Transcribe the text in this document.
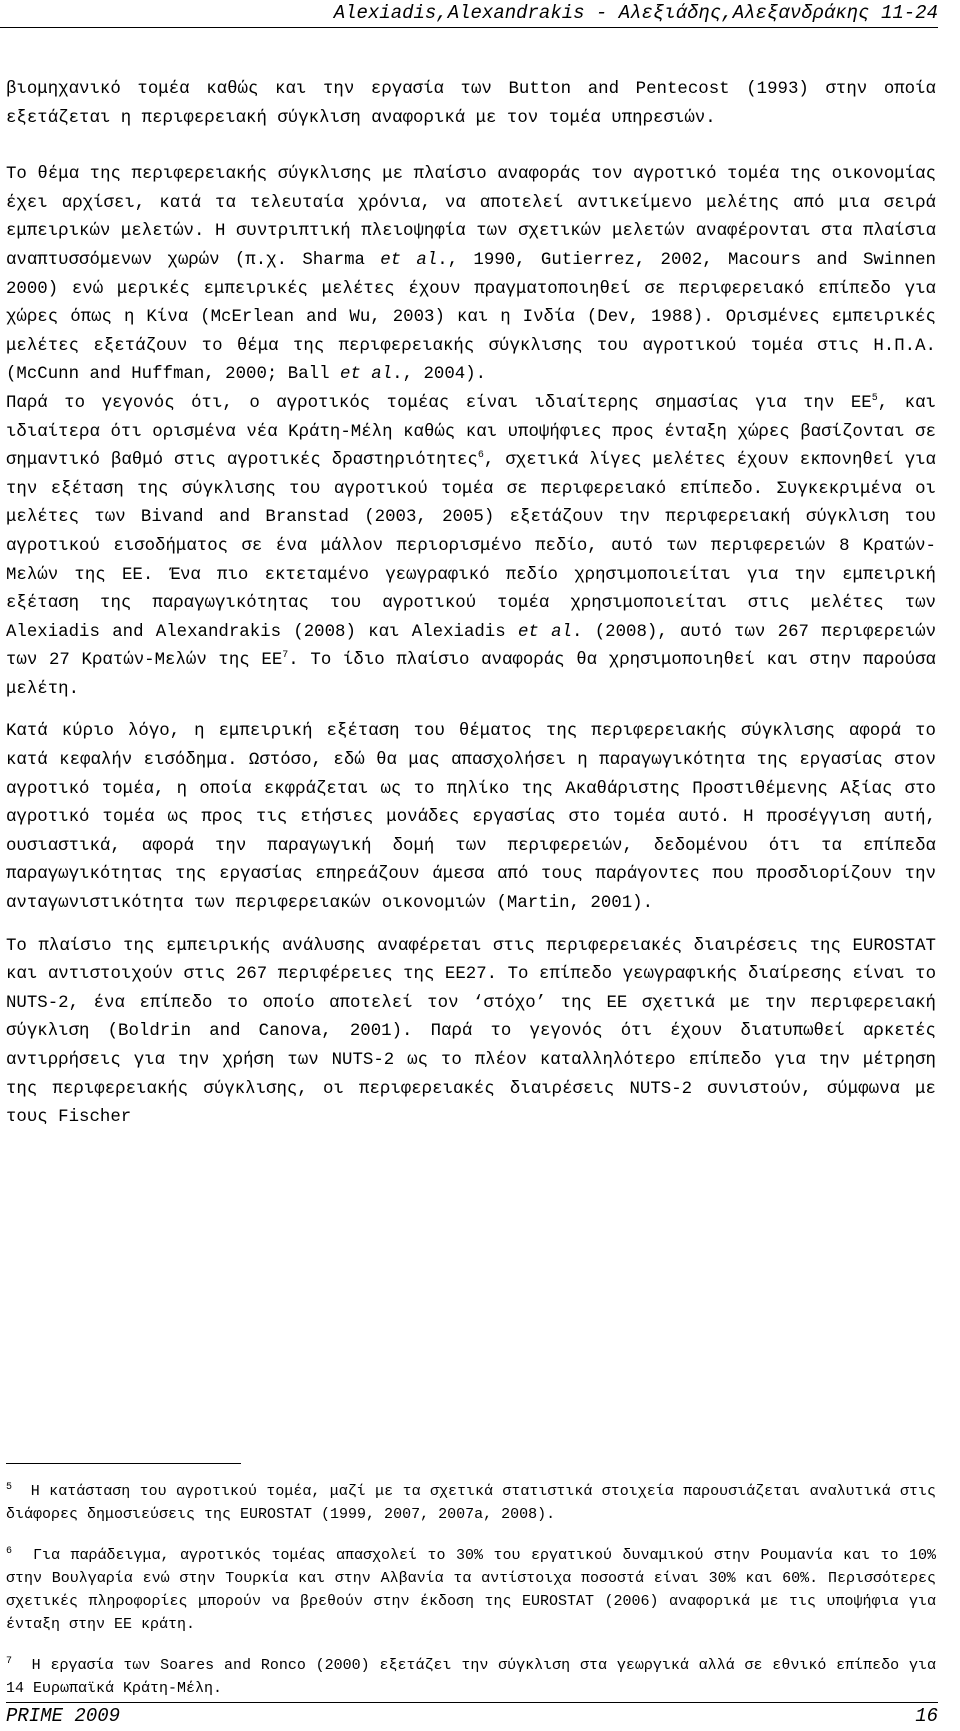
Alexiadis,Alexandrakis - Αλεξιάδης,Αλεξανδράκης 11-24

βιομηχανικό τομέα καθώς και την εργασία των Button and Pentecost (1993) στην οποία εξετάζεται η περιφερειακή σύγκλιση αναφορικά με τον τομέα υπηρεσιών.

Το θέμα της περιφερειακής σύγκλισης με πλαίσιο αναφοράς τον αγροτικό τομέα της οικονομίας έχει αρχίσει, κατά τα τελευταία χρόνια, να αποτελεί αντικείμενο μελέτης από μια σειρά εμπειρικών μελετών. Η συντριπτική πλειοψηφία των σχετικών μελετών αναφέρονται στα πλαίσια αναπτυσσόμενων χωρών (π.χ. Sharma et al., 1990, Gutierrez, 2002, Macours and Swinnen 2000) ενώ μερικές εμπειρικές μελέτες έχουν πραγματοποιηθεί σε περιφερειακό επίπεδο για χώρες όπως η Κίνα (McErlean and Wu, 2003) και η Ινδία (Dev, 1988). Ορισμένες εμπειρικές μελέτες εξετάζουν το θέμα της περιφερειακής σύγκλισης του αγροτικού τομέα στις Η.Π.Α. (McCunn and Huffman, 2000; Ball et al., 2004).

Παρά το γεγονός ότι, ο αγροτικός τομέας είναι ιδιαίτερης σημασίας για την $EE^5$, και ιδιαίτερα ότι ορισμένα νέα Κράτη-Μέλη καθώς και υποψήφιες προς ένταξη χώρες βασίζονται σε σημαντικό βαθμό στις αγροτικές δραστηριότητες$^6$, σχετικά λίγες μελέτες έχουν εκπονηθεί για την εξέταση της σύγκλισης του αγροτικού τομέα σε περιφερειακό επίπεδο. Συγκεκριμένα οι μελέτες των Bivand and Branstad (2003, 2005) εξετάζουν την περιφερειακή σύγκλιση του αγροτικού εισοδήματος σε ένα μάλλον περιορισμένο πεδίο, αυτό των περιφερειών 8 Κρατών-Μελών της ΕΕ. Ένα πιο εκτεταμένο γεωγραφικό πεδίο χρησιμοποιείται για την εμπειρική εξέταση της παραγωγικότητας του αγροτικού τομέα χρησιμοποιείται στις μελέτες των Alexiadis and Alexandrakis (2008) και Alexiadis et al. (2008), αυτό των 267 περιφερειών των 27 Κρατών-Μελών της $EE^7$. Το ίδιο πλαίσιο αναφοράς θα χρησιμοποιηθεί και στην παρούσα μελέτη.

Κατά κύριο λόγο, η εμπειρική εξέταση του θέματος της περιφερειακής σύγκλισης αφορά το κατά κεφαλήν εισόδημα. Ωστόσο, εδώ θα μας απασχολήσει η παραγωγικότητα της εργασίας στον αγροτικό τομέα, η οποία εκφράζεται ως το πηλίκο της Ακαθάριστης Προστιθέμενης Αξίας στο αγροτικό τομέα ως προς τις ετήσιες μονάδες εργασίας στο τομέα αυτό. Η προσέγγιση αυτή, ουσιαστικά, αφορά την παραγωγική δομή των περιφερειών, δεδομένου ότι τα επίπεδα παραγωγικότητας της εργασίας επηρεάζουν άμεσα από τους παράγοντες που προσδιορίζουν την ανταγωνιστικότητα των περιφερειακών οικονομιών (Martin, 2001).

Το πλαίσιο της εμπειρικής ανάλυσης αναφέρεται στις περιφερειακές διαιρέσεις της EUROSTAT και αντιστοιχούν στις 267 περιφέρειες της ΕΕ27. Το επίπεδο γεωγραφικής διαίρεσης είναι το NUTS-2, ένα επίπεδο το οποίο αποτελεί τον ‘στόχο’ της ΕΕ σχετικά με την περιφερειακή σύγκλιση (Boldrin and Canova, 2001). Παρά το γεγονός ότι έχουν διατυπωθεί αρκετές αντιρρήσεις για την χρήση των NUTS-2 ως το πλέον καταλληλότερο επίπεδο για την μέτρηση της περιφερειακής σύγκλισης, οι περιφερειακές διαιρέσεις NUTS-2 συνιστούν, σύμφωνα με τους Fischer

$^5$ Η κατάσταση του αγροτικού τομέα, μαζί με τα σχετικά στατιστικά στοιχεία παρουσιάζεται αναλυτικά στις διάφορες δημοσιεύσεις της EUROSTAT (1999, 2007, 2007a, 2008).

$^6$ Για παράδειγμα, αγροτικός τομέας απασχολεί το 30% του εργατικού δυναμικού στην Ρουμανία και το 10% στην Βουλγαρία ενώ στην Τουρκία και στην Αλβανία τα αντίστοιχα ποσοστά είναι 30% και 60%. Περισσότερες σχετικές πληροφορίες μπορούν να βρεθούν στην έκδοση της EUROSTAT (2006) αναφορικά με τις υποψήφια για ένταξη στην ΕΕ κράτη.

$^7$ Η εργασία των Soares and Ronco (2000) εξετάζει την σύγκλιση στα γεωργικά αλλά σε εθνικό επίπεδο για 14 Ευρωπαϊκά Κράτη-Μέλη.

PRIME 2009	16
